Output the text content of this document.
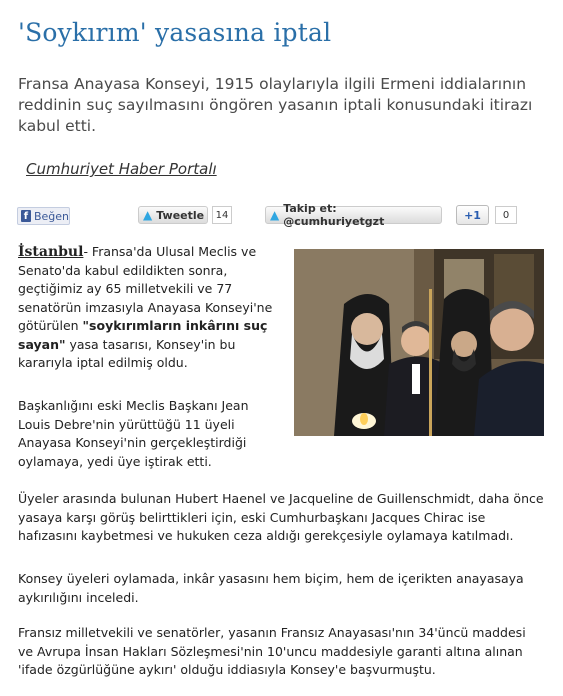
'Soykırım' yasasına iptal

Fransa Anayasa Konseyi, 1915 olaylarıyla ilgili Ermeni iddialarının reddinin suç sayılmasını öngören yasanın iptali konusundaki itirazı kabul etti.

Cumhuriyet Haber Portalı
f Beğen	▲ Tweetle	14	▲ Takip et: @cumhuriyetgzt	+1	0

İstanbul- Fransa'da Ulusal Meclis ve Senato'da kabul edildikten sonra, geçtiğimiz ay 65 milletvekili ve 77 senatörün imzasıyla Anayasa Konseyi'ne götürülen "soykırımların inkârını suç sayan" yasa tasarısı, Konsey'in bu kararıyla iptal edilmiş oldu.

Başkanlığını eski Meclis Başkanı Jean Louis Debre'nin yürüttüğü 11 üyeli Anayasa Konseyi'nin gerçekleştirdiği oylamaya, yedi üye iştirak etti.

Üyeler arasında bulunan Hubert Haenel ve Jacqueline de Guillenschmidt, daha önce yasaya karşı görüş belirttikleri için, eski Cumhurbaşkanı Jacques Chirac ise hafızasını kaybetmesi ve hukuken ceza aldığı gerekçesiyle oylamaya katılmadı.

Konsey üyeleri oylamada, inkâr yasasını hem biçim, hem de içerikten anayasaya aykırılığını inceledi.

Fransız milletvekili ve senatörler, yasanın Fransız Anayasası'nın 34'üncü maddesi ve Avrupa İnsan Hakları Sözleşmesi'nin 10'uncu maddesiyle garanti altına alınan 'ifade özgürlüğüne aykırı' olduğu iddiasıyla Konsey'e başvurmuştu.
